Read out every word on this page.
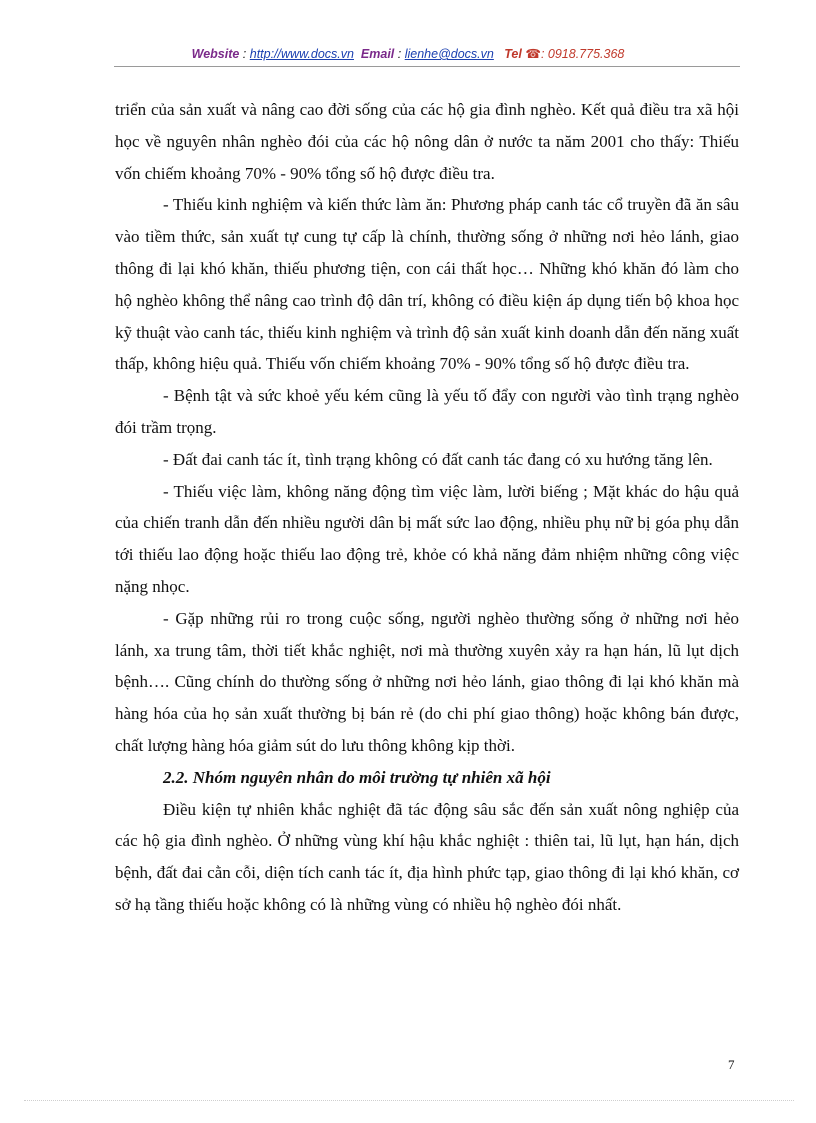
Website : http://www.docs.vn Email : lienhe@docs.vn Tel ☎: 0918.775.368

triển của sản xuất và nâng cao đời sống của các hộ gia đình nghèo. Kết quả điều tra xã hội học về nguyên nhân nghèo đói của các hộ nông dân ở nước ta năm 2001 cho thấy: Thiếu vốn chiếm khoảng 70% - 90% tổng số hộ được điều tra.

- Thiếu kinh nghiệm và kiến thức làm ăn: Phương pháp canh tác cổ truyền đã ăn sâu vào tiềm thức, sản xuất tự cung tự cấp là chính, thường sống ở những nơi hẻo lánh, giao thông đi lại khó khăn, thiếu phương tiện, con cái thất học… Những khó khăn đó làm cho hộ nghèo không thể nâng cao trình độ dân trí, không có điều kiện áp dụng tiến bộ khoa học kỹ thuật vào canh tác, thiếu kinh nghiệm và trình độ sản xuất kinh doanh dẫn đến năng xuất thấp, không hiệu quả. Thiếu vốn chiếm khoảng 70% - 90% tổng số hộ được điều tra.

- Bệnh tật và sức khoẻ yếu kém cũng là yếu tố đẩy con người vào tình trạng nghèo đói trầm trọng.

- Đất đai canh tác ít, tình trạng không có đất canh tác đang có xu hướng tăng lên.

- Thiếu việc làm, không năng động tìm việc làm, lười biếng ; Mặt khác do hậu quả của chiến tranh dẫn đến nhiều người dân bị mất sức lao động, nhiều phụ nữ bị góa phụ dẫn tới thiếu lao động hoặc thiếu lao động trẻ, khỏe có khả năng đảm nhiệm những công việc nặng nhọc.

- Gặp những rủi ro trong cuộc sống, người nghèo thường sống ở những nơi hẻo lánh, xa trung tâm, thời tiết khắc nghiệt, nơi mà thường xuyên xảy ra hạn hán, lũ lụt dịch bệnh…. Cũng chính do thường sống ở những nơi hẻo lánh, giao thông đi lại khó khăn mà hàng hóa của họ sản xuất thường bị bán rẻ (do chi phí giao thông) hoặc không bán được, chất lượng hàng hóa giảm sút do lưu thông không kịp thời.

2.2. Nhóm nguyên nhân do môi trường tự nhiên xã hội

Điều kiện tự nhiên khắc nghiệt đã tác động sâu sắc đến sản xuất nông nghiệp của các hộ gia đình nghèo. Ở những vùng khí hậu khắc nghiệt : thiên tai, lũ lụt, hạn hán, dịch bệnh, đất đai cằn cỗi, diện tích canh tác ít, địa hình phức tạp, giao thông đi lại khó khăn, cơ sở hạ tầng thiếu hoặc không có là những vùng có nhiều hộ nghèo đói nhất.

7
